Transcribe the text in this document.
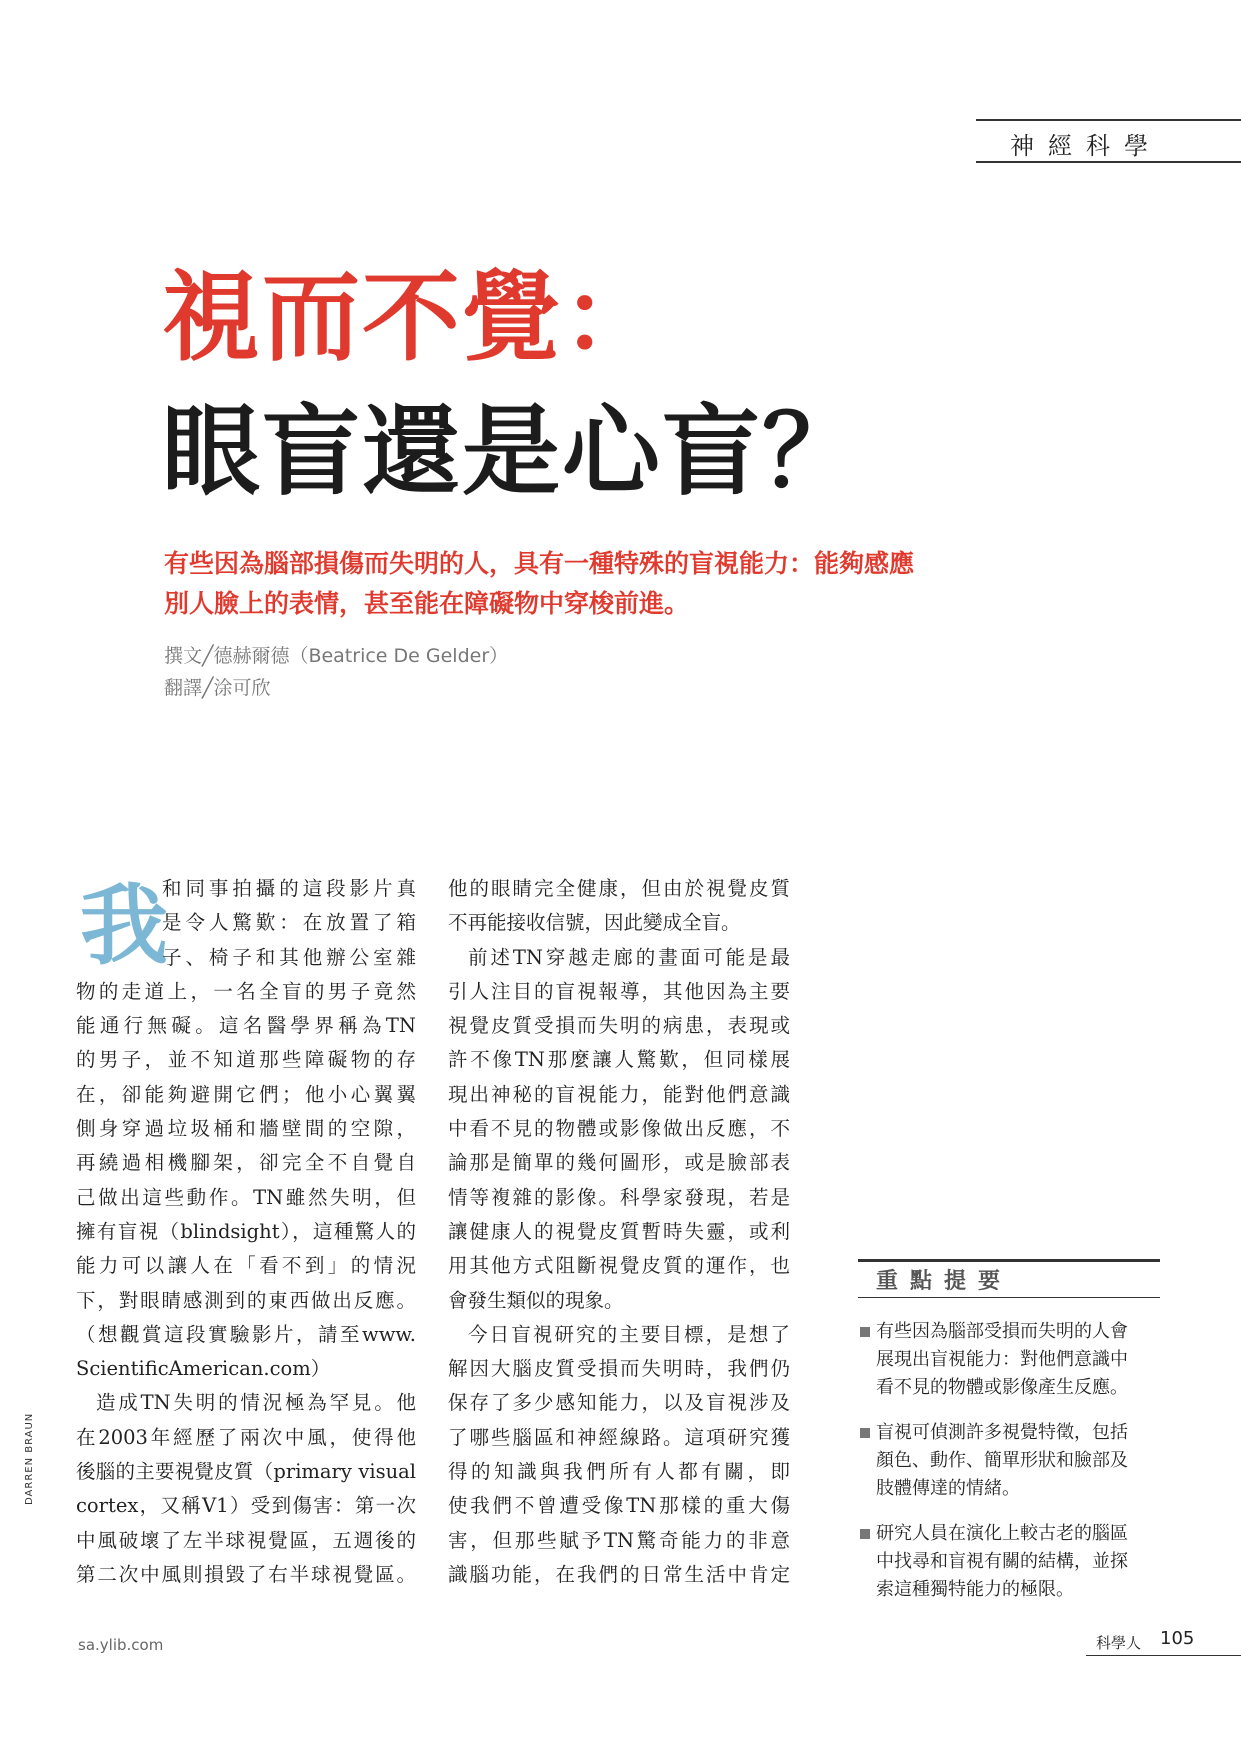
神經科學
視而不覺：
眼盲還是心盲？
有些因為腦部損傷而失明的人，具有一種特殊的盲視能力：能夠感應
別人臉上的表情，甚至能在障礙物中穿梭前進。
撰文╱德赫爾德（Beatrice De Gelder）
翻譯╱涂可欣
我
和同事拍攝的這段影片真
是令人驚歎：在放置了箱
子、椅子和其他辦公室雜
物的走道上，一名全盲的男子竟然
能通行無礙。這名醫學界稱為TN
的男子，並不知道那些障礙物的存
在，卻能夠避開它們；他小心翼翼
側身穿過垃圾桶和牆壁間的空隙，
再繞過相機腳架，卻完全不自覺自
己做出這些動作。TN雖然失明，但
擁有盲視（blindsight），這種驚人的
能力可以讓人在「看不到」的情況
下，對眼睛感測到的東西做出反應。
（想觀賞這段實驗影片，請至www.
ScientificAmerican.com）
造成TN失明的情況極為罕見。他
在2003年經歷了兩次中風，使得他
後腦的主要視覺皮質（primary visual
cortex，又稱V1）受到傷害：第一次
中風破壞了左半球視覺區，五週後的
第二次中風則損毀了右半球視覺區。
他的眼睛完全健康，但由於視覺皮質
不再能接收信號，因此變成全盲。
前述TN穿越走廊的畫面可能是最
引人注目的盲視報導，其他因為主要
視覺皮質受損而失明的病患，表現或
許不像TN那麼讓人驚歎，但同樣展
現出神秘的盲視能力，能對他們意識
中看不見的物體或影像做出反應，不
論那是簡單的幾何圖形，或是臉部表
情等複雜的影像。科學家發現，若是
讓健康人的視覺皮質暫時失靈，或利
用其他方式阻斷視覺皮質的運作，也
會發生類似的現象。
今日盲視研究的主要目標，是想了
解因大腦皮質受損而失明時，我們仍
保存了多少感知能力，以及盲視涉及
了哪些腦區和神經線路。這項研究獲
得的知識與我們所有人都有關，即
使我們不曾遭受像TN那樣的重大傷
害，但那些賦予TN驚奇能力的非意
識腦功能，在我們的日常生活中肯定
重點提要
有些因為腦部受損而失明的人會
展現出盲視能力：對他們意識中
看不見的物體或影像產生反應。
盲視可偵測許多視覺特徵，包括
顏色、動作、簡單形狀和臉部及
肢體傳達的情緒。
研究人員在演化上較古老的腦區
中找尋和盲視有關的結構，並探
索這種獨特能力的極限。
DARREN BRAUN
sa.ylib.com	科學人 105
